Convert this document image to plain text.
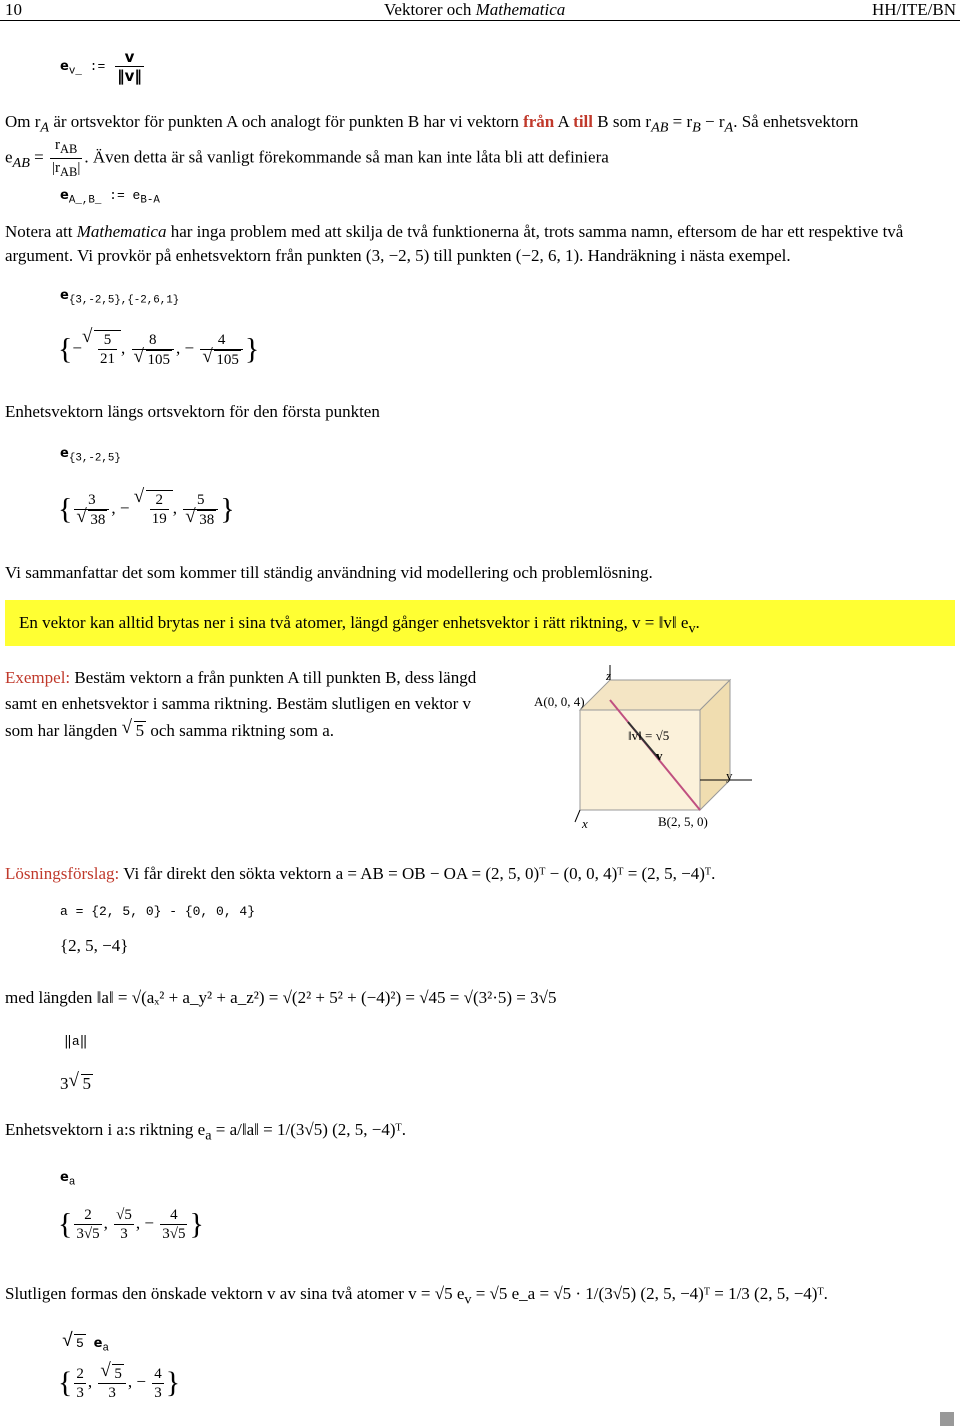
10	Vektorer och Mathematica	HH/ITE/BN
$e_{v\_}$ := $\frac{v}{‖v‖}$
Om $r_A$ är ortsvektor för punkten A och analogt för punkten B har vi vektorn från A till B som $r_{AB} = r_B - r_A$. Så enhetsvektorn
$e_{AB} = \frac{r_{AB}}{|r_{AB}|}$ . Även detta är så vanligt förekommande så man kan inte låta bli att definiera
$e_{A\_,B\_}$ := $e_{B-A}$
Notera att Mathematica har inga problem med att skilja de två funktionerna åt, trots samma namn, eftersom de har ett respektive två
argument. Vi provkör på enhetsvektorn från punkten (3, −2, 5) till punkten (−2, 6, 1). Handräkning i nästa exempel.
$e_{\{3,-2,5\},\{-2,6,1\}}$
{− √ $\frac{5}{21}$ , 8
√ 105 , − 4
√ 105 }
Enhetsvektorn längs ortsvektorn för den första punkten
$e_{\{3,-2,5\}}$
{ 3
√ 38 , − √ $\frac{2}{19}$ , 5
√ 38 }
Vi sammanfattar det som kommer till ständig användning vid modellering och problemlösning.
En vektor kan alltid brytas ner i sina två atomer, längd gånger enhetsvektor i rätt riktning, v = ‖v‖ $e_v$.
Exempel: Bestäm vektorn a från punkten A till punkten B, dess längd
samt en enhetsvektor i samma riktning. Bestäm slutligen en vektor v
som har längden √ 5 och samma riktning som a.
z
A(0, 0, 4)
‖v‖ = √5
v
y
x	B(2, 5, 0)
Lösningsförslag: Vi får direkt den sökta vektorn a = AB = OB − OA = (2, 5, 0)ᵀ − (0, 0, 4)ᵀ = (2, 5, −4)ᵀ.
a = {2, 5, 0} - {0, 0, 4}
{2, 5, −4}
med längden ‖a‖ = √(aₓ² + a_y² + a_z²) = √(2² + 5² + (−4)²) = √45 = √(3²·5) = 3√5
‖a‖
3 √ 5
Enhetsvektorn i a:s riktning $e_a$ = a/‖a‖ = 1/(3√5) (2, 5, −4)ᵀ.
$e_a$
{ $\frac{2}{3√5}$ , $\frac{√5}{3}$ , − $\frac{4}{3√5}$ }
Slutligen formas den önskade vektorn v av sina två atomer v = √5 $e_v = √5$ e_a = √5 · 1/(3√5) (2, 5, −4)ᵀ = 1/3 (2, 5, −4)ᵀ.
√ 5 $e_a$
{ $\frac{2}{3}$ , √ $\frac{5}{3}$ , − $\frac{4}{3}$ }
